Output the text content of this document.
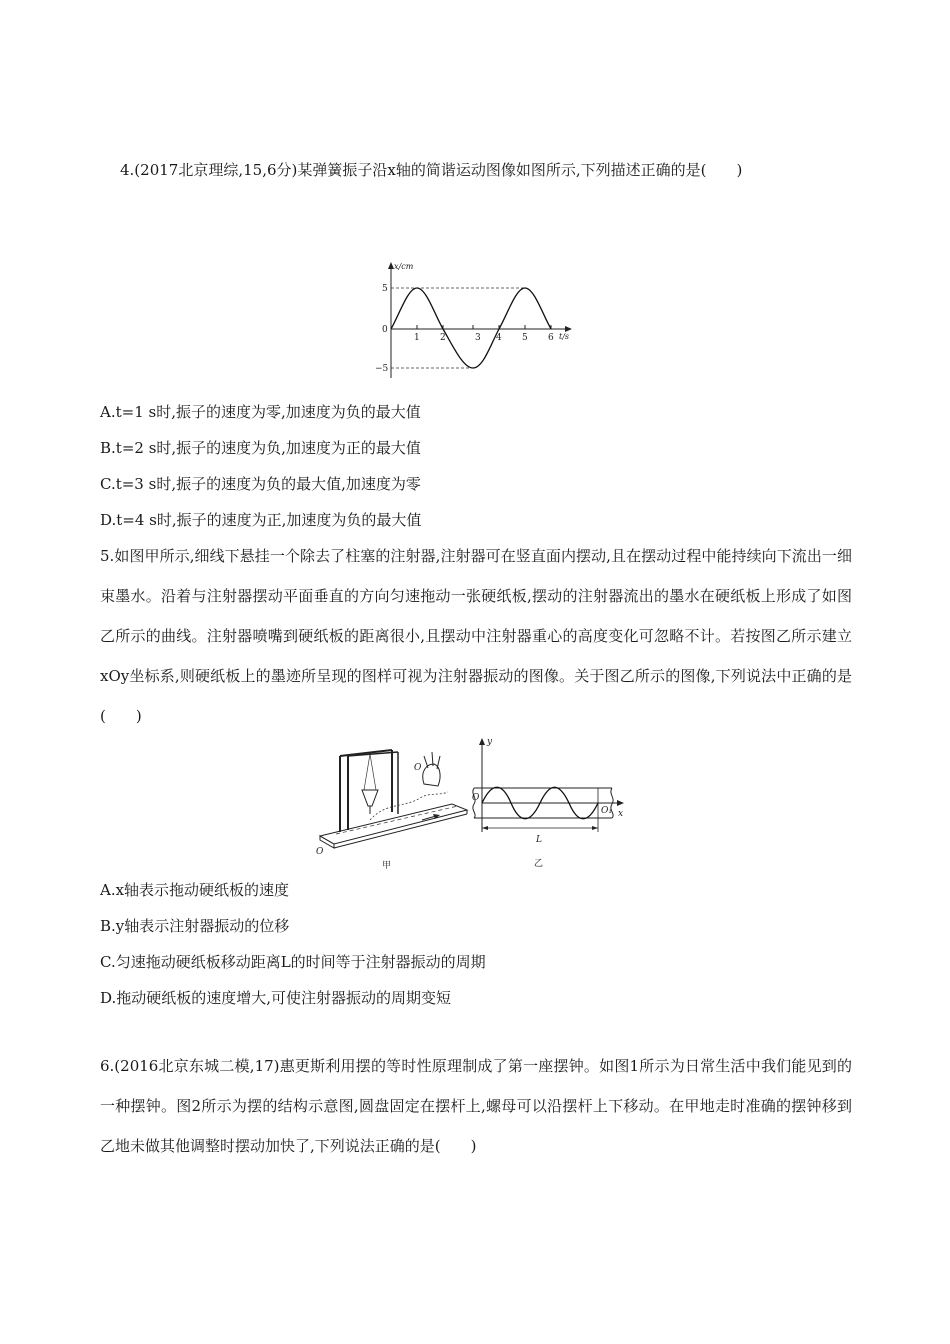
4.(2017北京理综,15,6分)某弹簧振子沿x轴的简谐运动图像如图所示,下列描述正确的是(　　)
x/cm
t/s
0
5
−5
1 2	3 4 5 6
A.t=1 s时,振子的速度为零,加速度为负的最大值
B.t=2 s时,振子的速度为负,加速度为正的最大值
C.t=3 s时,振子的速度为负的最大值,加速度为零
D.t=4 s时,振子的速度为正,加速度为负的最大值
5.如图甲所示,细线下悬挂一个除去了柱塞的注射器,注射器可在竖直面内摆动,且在摆动过程中能持续向下流出一细束墨水。沿着与注射器摆动平面垂直的方向匀速拖动一张硬纸板,摆动的注射器流出的墨水在硬纸板上形成了如图乙所示的曲线。注射器喷嘴到硬纸板的距离很小,且摆动中注射器重心的高度变化可忽略不计。若按图乙所示建立xOy坐标系,则硬纸板上的墨迹所呈现的图样可视为注射器振动的图像。关于图乙所示的图像,下列说法中正确的是(　　)
O
O
甲
y
O
O₁ x
L
乙
A.x轴表示拖动硬纸板的速度
B.y轴表示注射器振动的位移
C.匀速拖动硬纸板移动距离L的时间等于注射器振动的周期
D.拖动硬纸板的速度增大,可使注射器振动的周期变短
6.(2016北京东城二模,17)惠更斯利用摆的等时性原理制成了第一座摆钟。如图1所示为日常生活中我们能见到的一种摆钟。图2所示为摆的结构示意图,圆盘固定在摆杆上,螺母可以沿摆杆上下移动。在甲地走时准确的摆钟移到乙地未做其他调整时摆动加快了,下列说法正确的是(　　)
